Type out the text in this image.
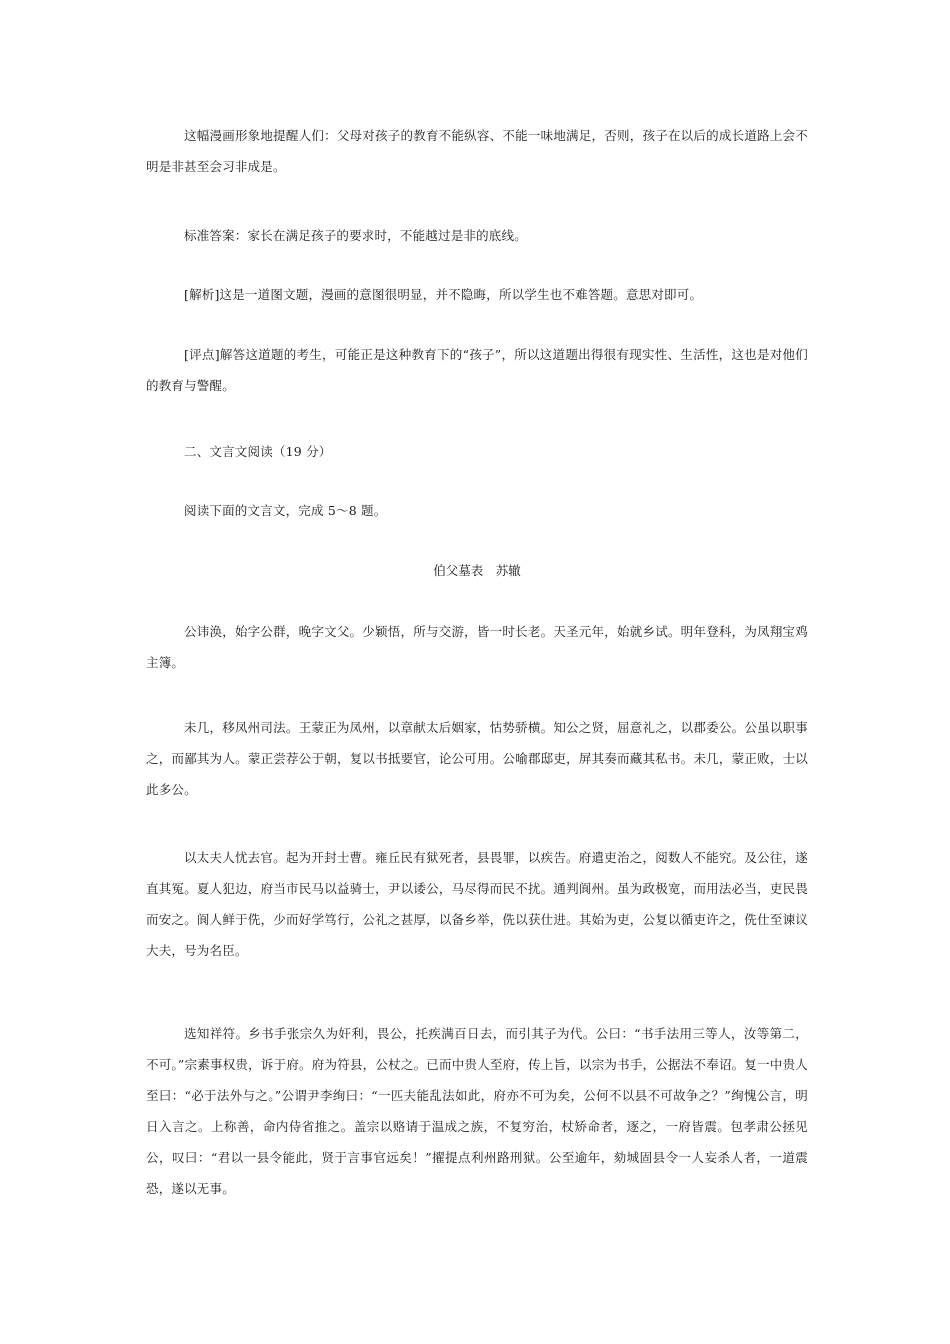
这幅漫画形象地提醒人们：父母对孩子的教育不能纵容、不能一味地满足，否则，孩子在以后的成长道路上会不明是非甚至会习非成是。

标准答案：家长在满足孩子的要求时，不能越过是非的底线。

[解析]这是一道图文题，漫画的意图很明显，并不隐晦，所以学生也不难答题。意思对即可。

[评点]解答这道题的考生，可能正是这种教育下的“孩子”，所以这道题出得很有现实性、生活性，这也是对他们的教育与警醒。

二、文言文阅读（19 分）

阅读下面的文言文，完成 5～8 题。

伯父墓表　苏辙

公讳涣，始字公群，晚字文父。少颖悟，所与交游，皆一时长老。天圣元年，始就乡试。明年登科，为凤翔宝鸡主簿。

未几，移凤州司法。王蒙正为凤州，以章献太后姻家，怙势骄横。知公之贤，屈意礼之，以郡委公。公虽以职事之，而鄙其为人。蒙正尝荐公于朝，复以书抵要官，论公可用。公喻郡邸吏，屏其奏而藏其私书。未几，蒙正败，士以此多公。

以太夫人忧去官。起为开封士曹。雍丘民有狱死者，县畏罪，以疾告。府遣吏治之，阅数人不能究。及公往，遂直其冤。夏人犯边，府当市民马以益骑士，尹以诿公，马尽得而民不扰。通判阆州。虽为政极宽，而用法必当，吏民畏而安之。阆人鲜于侁，少而好学笃行，公礼之甚厚，以备乡举，侁以获仕进。其始为吏，公复以循吏许之，侁仕至谏议大夫，号为名臣。

选知祥符。乡书手张宗久为奸利，畏公，托疾满百日去，而引其子为代。公曰：“书手法用三等人，汝等第二，不可。”宗素事权贵，诉于府。府为符县，公杖之。已而中贵人至府，传上旨，以宗为书手，公据法不奉诏。复一中贵人至曰：“必于法外与之。”公谓尹李绚曰：“一匹夫能乱法如此，府亦不可为矣，公何不以县不可故争之？”绚愧公言，明日入言之。上称善，命内侍省推之。盖宗以赂请于温成之族，不复穷治，杖矫命者，逐之，一府皆震。包孝肃公拯见公，叹曰：“君以一县令能此，贤于言事官远矣！”擢提点利州路刑狱。公至逾年，劾城固县令一人妄杀人者，一道震恐，遂以无事。
